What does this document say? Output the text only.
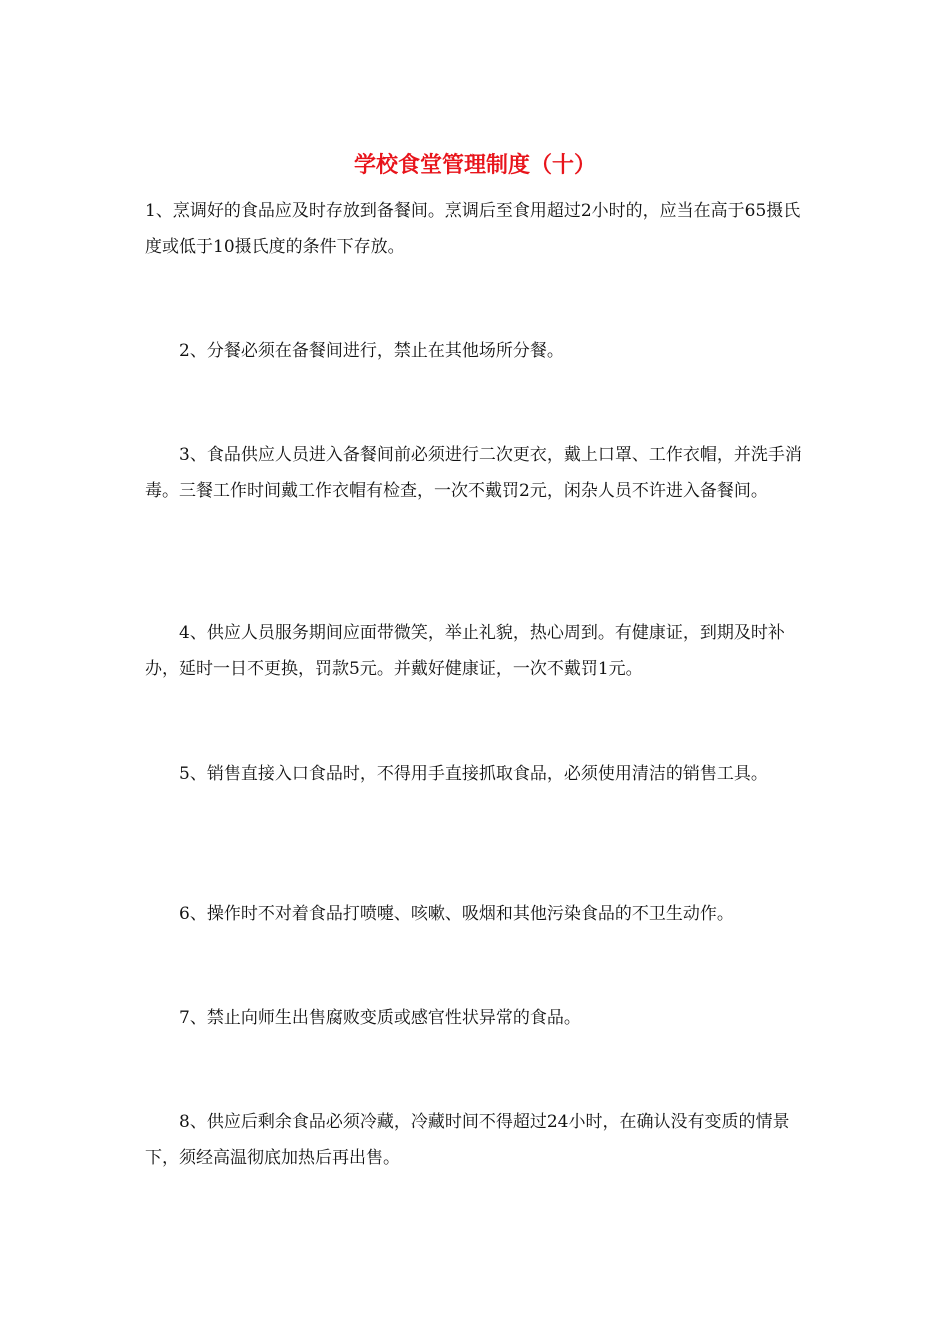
学校食堂管理制度（十）

1、烹调好的食品应及时存放到备餐间。烹调后至食用超过2小时的，应当在高于65摄氏度或低于10摄氏度的条件下存放。

2、分餐必须在备餐间进行，禁止在其他场所分餐。

3、食品供应人员进入备餐间前必须进行二次更衣，戴上口罩、工作衣帽，并洗手消毒。三餐工作时间戴工作衣帽有检查，一次不戴罚2元，闲杂人员不许进入备餐间。

4、供应人员服务期间应面带微笑，举止礼貌，热心周到。有健康证，到期及时补办，延时一日不更换，罚款5元。并戴好健康证，一次不戴罚1元。

5、销售直接入口食品时，不得用手直接抓取食品，必须使用清洁的销售工具。

6、操作时不对着食品打喷嚏、咳嗽、吸烟和其他污染食品的不卫生动作。

7、禁止向师生出售腐败变质或感官性状异常的食品。

8、供应后剩余食品必须冷藏，冷藏时间不得超过24小时，在确认没有变质的情景下，须经高温彻底加热后再出售。
